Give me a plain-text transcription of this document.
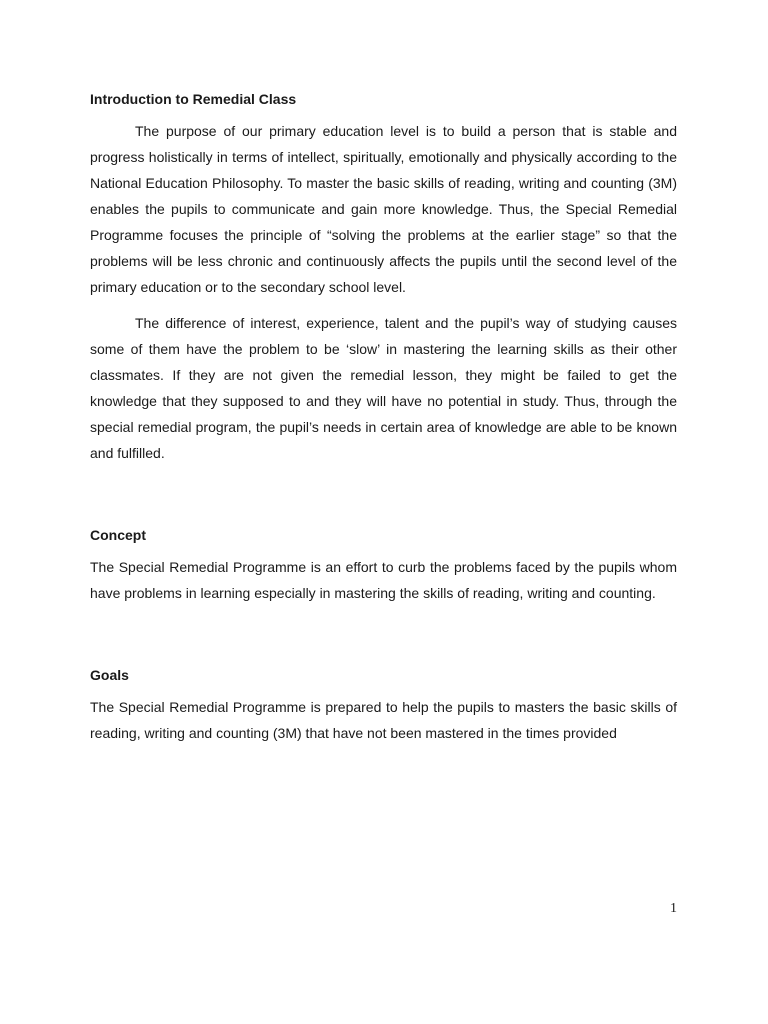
Introduction to Remedial Class

The purpose of our primary education level is to build a person that is stable and progress holistically in terms of intellect, spiritually, emotionally and physically according to the National Education Philosophy. To master the basic skills of reading, writing and counting (3M) enables the pupils to communicate and gain more knowledge. Thus, the Special Remedial Programme focuses the principle of “solving the problems at the earlier stage” so that the problems will be less chronic and continuously affects the pupils until the second level of the primary education or to the secondary school level.

The difference of interest, experience, talent and the pupil’s way of studying causes some of them have the problem to be ‘slow’ in mastering the learning skills as their other classmates. If they are not given the remedial lesson, they might be failed to get the knowledge that they supposed to and they will have no potential in study. Thus, through the special remedial program, the pupil’s needs in certain area of knowledge are able to be known and fulfilled.

Concept

The Special Remedial Programme is an effort to curb the problems faced by the pupils whom have problems in learning especially in mastering the skills of reading, writing and counting.

Goals

The Special Remedial Programme is prepared to help the pupils to masters the basic skills of reading, writing and counting (3M) that have not been mastered in the times provided

1
